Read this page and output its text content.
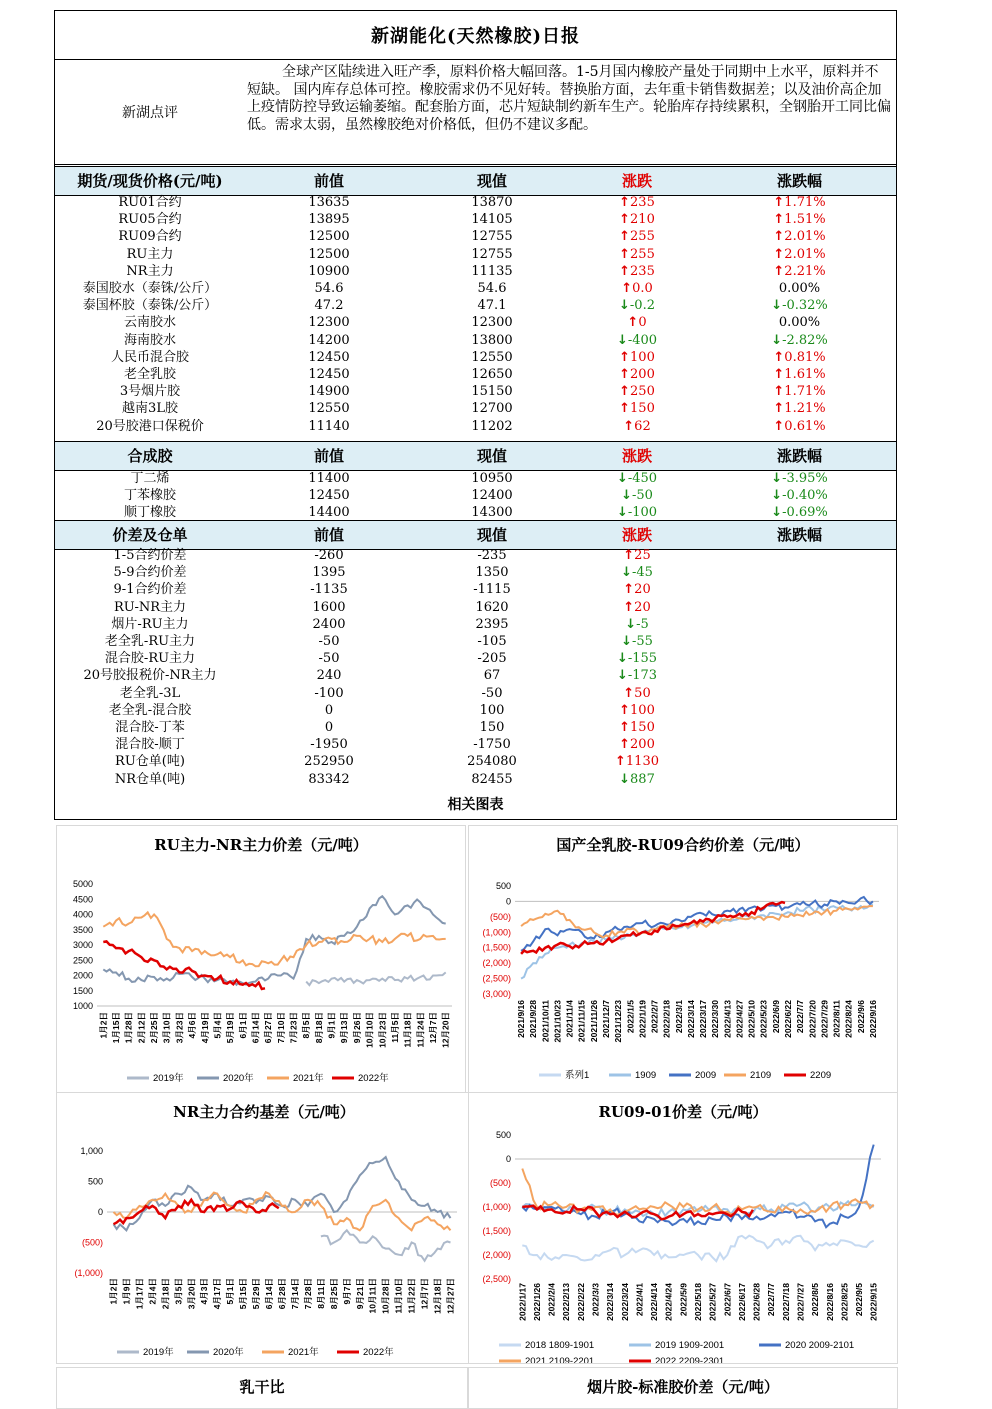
新湖能化(天然橡胶)日报
新湖点评
全球产区陆续进入旺产季，原料价格大幅回落。1-5月国内橡胶产量处于同期中上水平，原料并不短缺。 国内库存总体可控。橡胶需求仍不见好转。替换胎方面，去年重卡销售数据差；以及油价高企加上疫情防控导致运输萎缩。配套胎方面，芯片短缺制约新车生产。轮胎库存持续累积，全钢胎开工同比偏低。需求太弱，虽然橡胶绝对价格低，但仍不建议多配。
期货/现货价格(元/吨)	前值	现值	涨跌	涨跌幅
RU01合约	13635	13870	↑235	↑1.71%
RU05合约	13895	14105	↑210	↑1.51%
RU09合约	12500	12755	↑255	↑2.01%
RU主力	12500	12755	↑255	↑2.01%
NR主力	10900	11135	↑235	↑2.21%
泰国胶水（泰铢/公斤）	54.6	54.6	↑0.0	0.00%
泰国杯胶（泰铢/公斤）	47.2	47.1	↓-0.2	↓-0.32%
云南胶水	12300	12300	↑0	0.00%
海南胶水	14200	13800	↓-400	↓-2.82%
人民币混合胶	12450	12550	↑100	↑0.81%
老全乳胶	12450	12650	↑200	↑1.61%
3号烟片胶	14900	15150	↑250	↑1.71%
越南3L胶	12550	12700	↑150	↑1.21%
20号胶港口保税价	11140	11202	↑62	↑0.61%
合成胶	前值	现值	涨跌	涨跌幅
丁二烯	11400	10950	↓-450	↓-3.95%
丁苯橡胶	12450	12400	↓-50	↓-0.40%
顺丁橡胶	14400	14300	↓-100	↓-0.69%
价差及仓单	前值	现值	涨跌	涨跌幅
1-5合约价差	-260	-235	↑25
5-9合约价差	1395	1350	↓-45
9-1合约价差	-1135	-1115	↑20
RU-NR主力	1600	1620	↑20
烟片-RU主力	2400	2395	↓-5
老全乳-RU主力	-50	-105	↓-55
混合胶-RU主力	-50	-205	↓-155
20号胶报税价-NR主力	240	67	↓-173
老全乳-3L	-100	-50	↑50
老全乳-混合胶	0	100	↑100
混合胶-丁苯	0	150	↑150
混合胶-顺丁	-1950	-1750	↑200
RU仓单(吨)	252950	254080	↑1130
NR仓单(吨)	83342	82455	↓887
相关图表
RU主力-NR主力价差（元/吨）
5000
4500
4000
3500
3000
2500
2000
1500
1000
1月2日 1月15日 1月28日 2月12日 2月25日 3月10日 3月23日 4月6日 4月19日 5月4日 5月19日 6月1日 6月14日 6月27日 7月10日 7月23日 8月5日 8月18日 9月1日 9月13日 9月26日 10月10日 10月23日 11月5日 11月18日 11月24日 12月7日 12月20日
2019年	2020年	2021年	2022年
国产全乳胶-RU09合约价差（元/吨）
500
0
(500)
(1,000)
(1,500)
(2,000)
(2,500)
(3,000)
2021/9/16 2021/9/28 2021/10/11 2021/10/23 2021/11/4 2021/11/15 2021/11/26 2021/12/7 2021/12/23 2022/1/5 2022/1/19 2022/2/7 2022/2/18 2022/3/1 2022/3/14 2022/3/17 2022/3/30 2022/4/13 2022/4/27 2022/5/10 2022/5/23 2022/6/9 2022/6/22 2022/7/7 2022/7/20 2022/7/29 2022/8/11 2022/8/24 2022/9/6 2022/9/16
系列1	1909	2009	2109	2209
NR主力合约基差（元/吨）
1,000
500
0
(500)
(1,000)
1月2日 1月9日 1月17日 2月4日 2月18日 3月5日 3月20日 4月3日 4月17日 5月1日 5月15日 5月29日 6月14日 6月28日 7月14日 7月28日 8月11日 8月25日 9月7日 9月21日 10月11日 10月28日 11月10日 11月22日 12月7日 12月18日 12月27日
2019年	2020年	2021年	2022年
RU09-01价差（元/吨）
500
0
(500)
(1,000)
(1,500)
(2,000)
(2,500)
2022/1/17 2022/1/26 2022/2/4 2022/2/13 2022/2/22 2022/3/3 2022/3/14 2022/3/24 2022/4/1 2022/4/14 2022/4/24 2022/5/9 2022/5/18 2022/5/27 2022/6/7 2022/6/17 2022/6/28 2022/7/7 2022/7/18 2022/7/27 2022/8/5 2022/8/16 2022/8/25 2022/9/5 2022/9/15
2018 1809-1901	2019 1909-2001	2020 2009-2101
2021 2109-2201	2022 2209-2301
乳干比	烟片胶-标准胶价差（元/吨）
